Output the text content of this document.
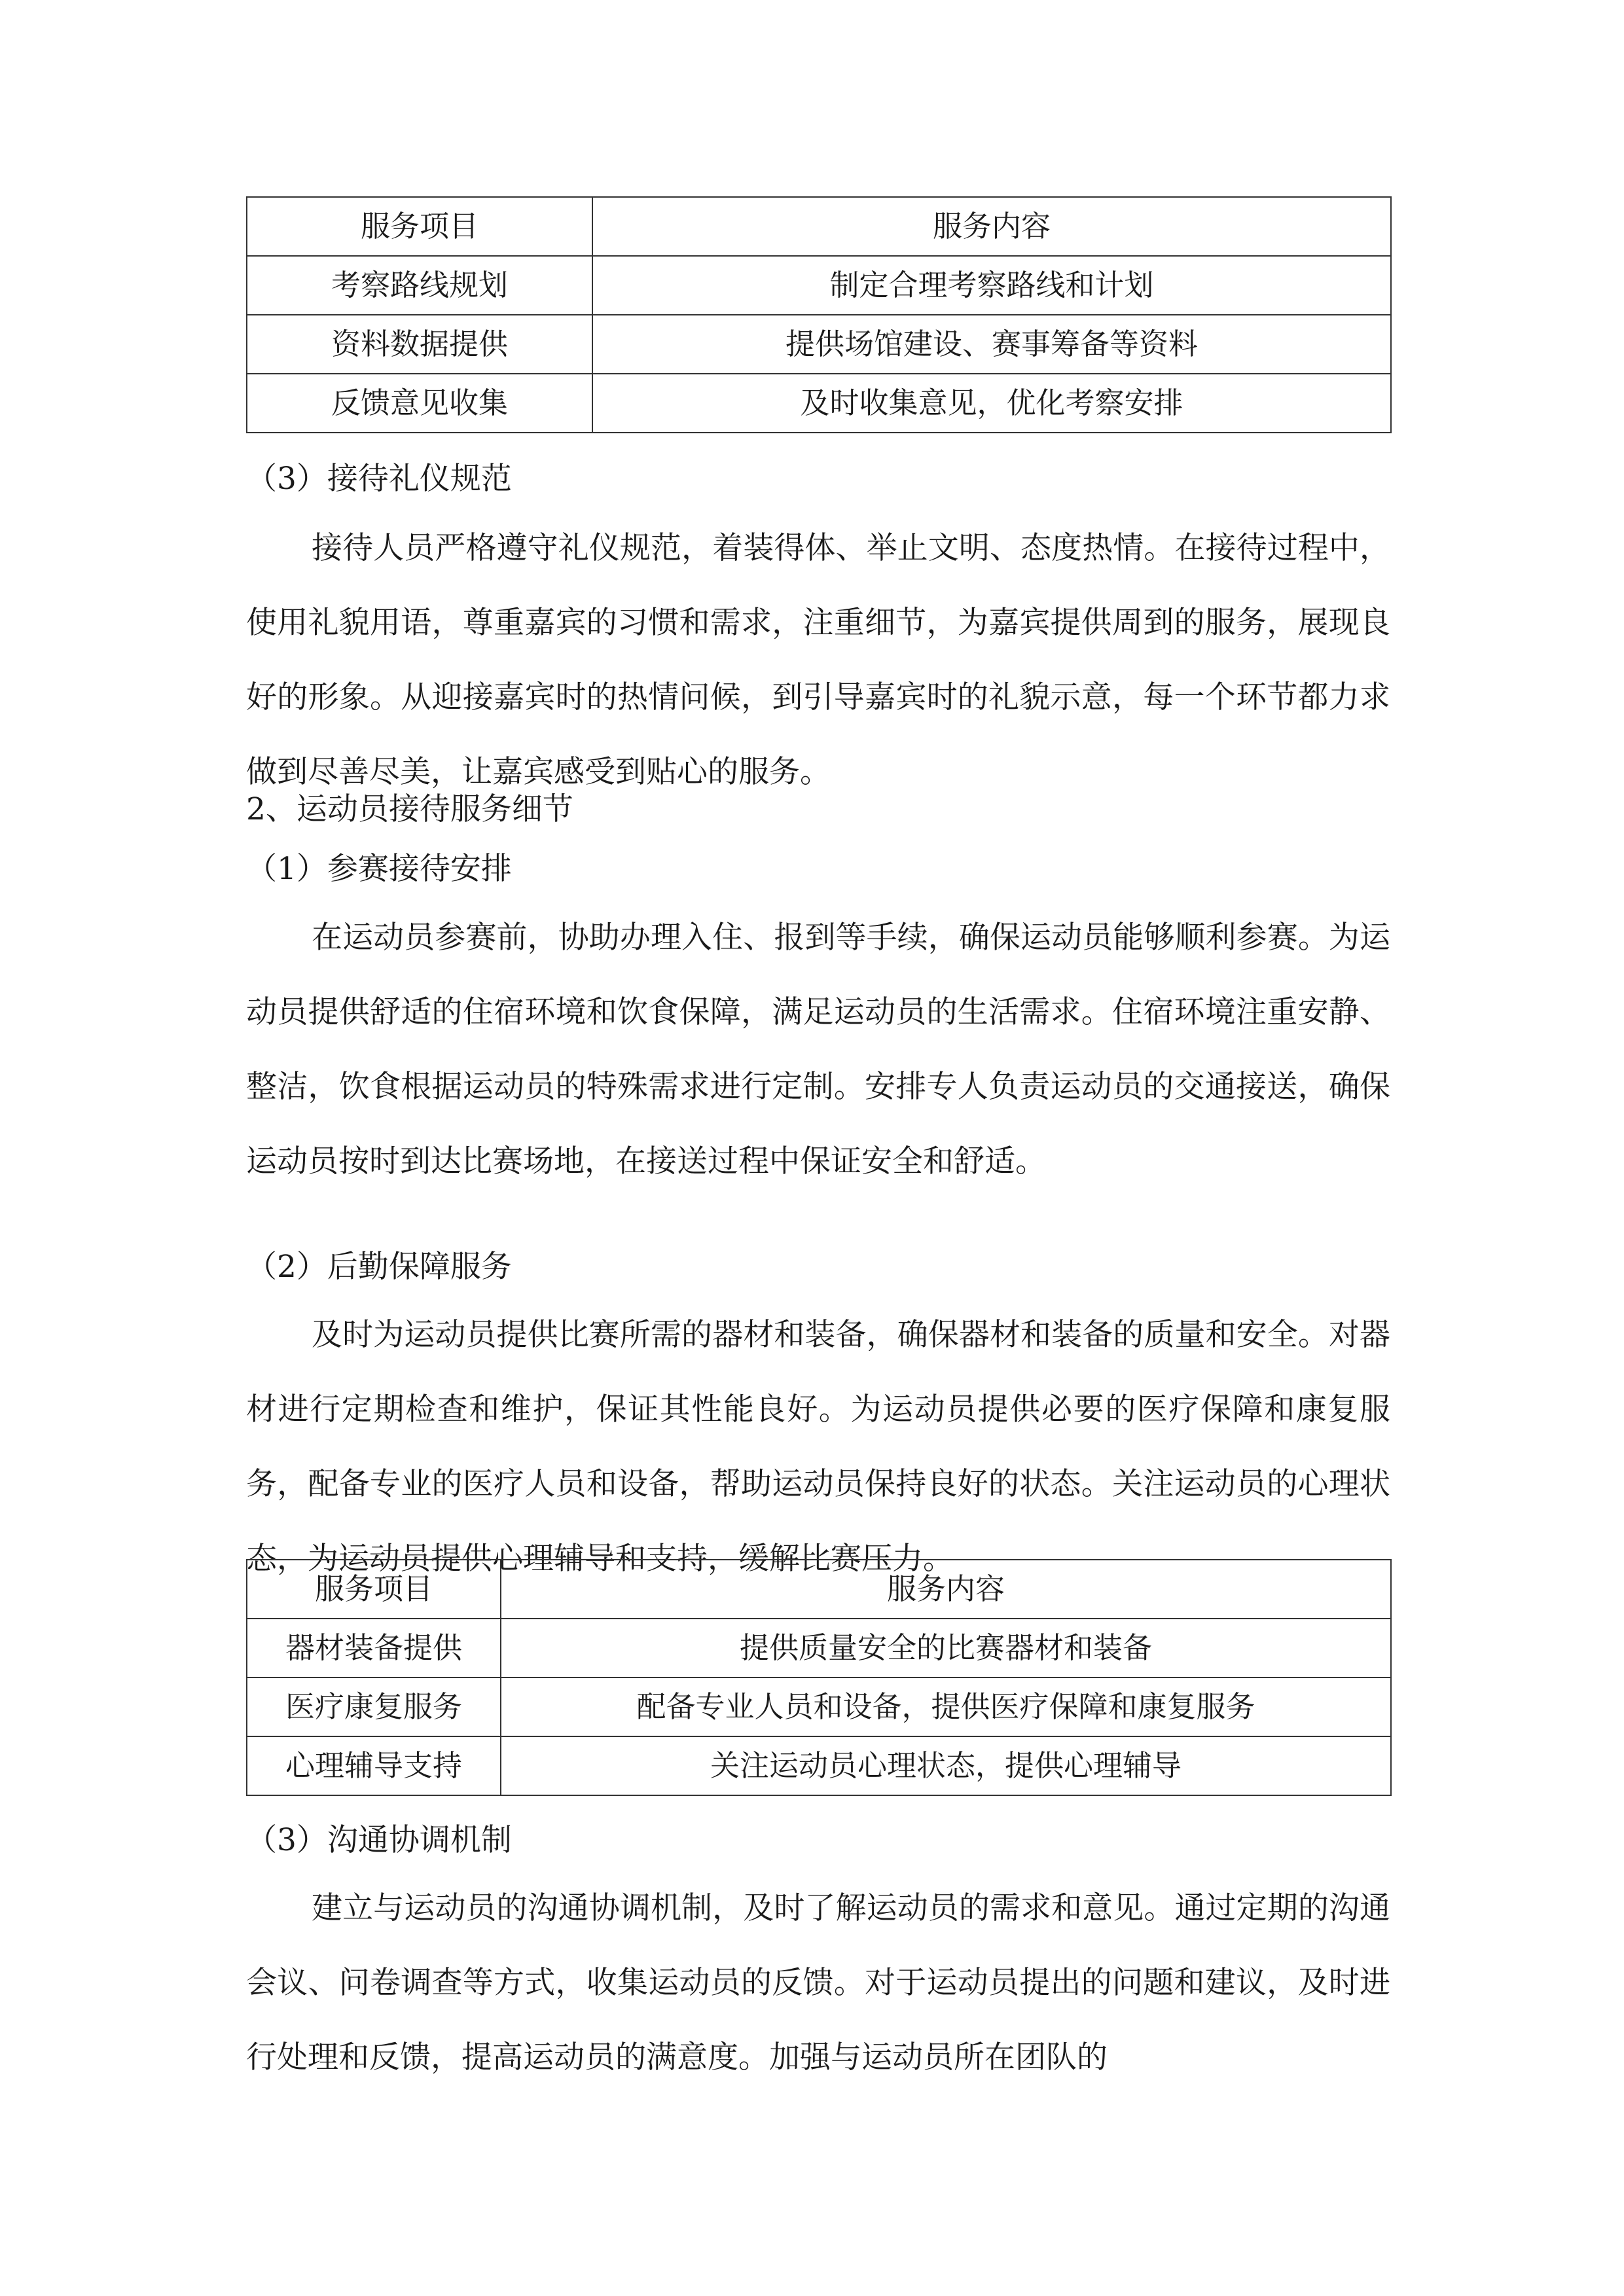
服务项目	服务内容
考察路线规划	制定合理考察路线和计划
资料数据提供	提供场馆建设、赛事筹备等资料
反馈意见收集	及时收集意见，优化考察安排
（3）接待礼仪规范

接待人员严格遵守礼仪规范，着装得体、举止文明、态度热情。在接待过程中，使用礼貌用语，尊重嘉宾的习惯和需求，注重细节，为嘉宾提供周到的服务，展现良好的形象。从迎接嘉宾时的热情问候，到引导嘉宾时的礼貌示意，每一个环节都力求做到尽善尽美，让嘉宾感受到贴心的服务。

2、运动员接待服务细节
（1）参赛接待安排

在运动员参赛前，协助办理入住、报到等手续，确保运动员能够顺利参赛。为运动员提供舒适的住宿环境和饮食保障，满足运动员的生活需求。住宿环境注重安静、整洁，饮食根据运动员的特殊需求进行定制。安排专人负责运动员的交通接送，确保运动员按时到达比赛场地，在接送过程中保证安全和舒适。

（2）后勤保障服务

及时为运动员提供比赛所需的器材和装备，确保器材和装备的质量和安全。对器材进行定期检查和维护，保证其性能良好。为运动员提供必要的医疗保障和康复服务，配备专业的医疗人员和设备，帮助运动员保持良好的状态。关注运动员的心理状态，为运动员提供心理辅导和支持，缓解比赛压力。

服务项目	服务内容
器材装备提供	提供质量安全的比赛器材和装备
医疗康复服务	配备专业人员和设备，提供医疗保障和康复服务
心理辅导支持	关注运动员心理状态，提供心理辅导
（3）沟通协调机制

建立与运动员的沟通协调机制，及时了解运动员的需求和意见。通过定期的沟通会议、问卷调查等方式，收集运动员的反馈。对于运动员提出的问题和建议，及时进行处理和反馈，提高运动员的满意度。加强与运动员所在团队的
